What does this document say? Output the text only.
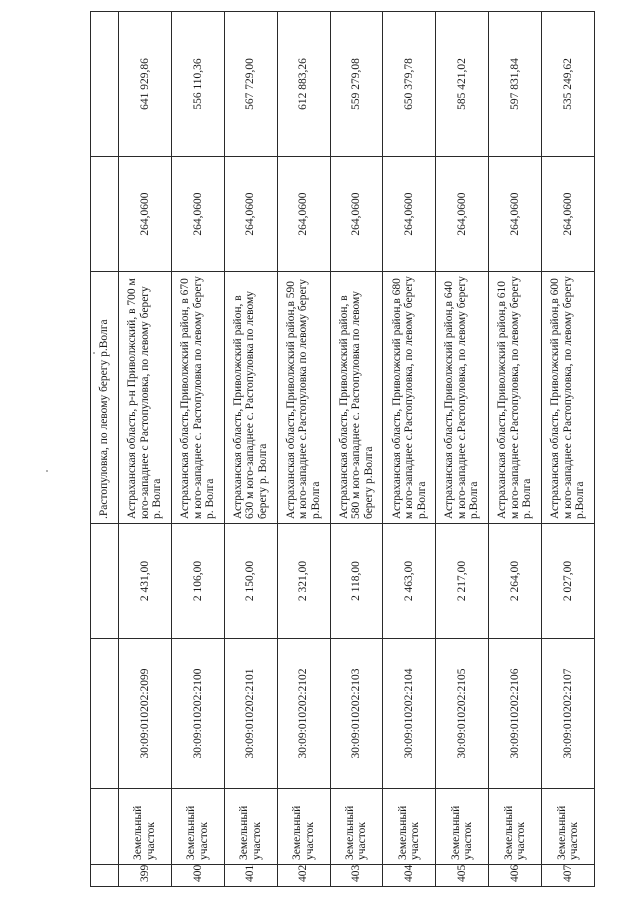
				.Растопуловка, по левому берегу р.Волга		
399	Земельный участок	30:09:010202:2099	2 431,00	Астраханская область, р-н Приволжский, в 700 м юго-западнее с Растопуловка, по левому берегу р. Волга	264,0600	641 929,86
400	Земельный участок	30:09:010202:2100	2 106,00	Астраханская область,Приволжский район, в 670 м юго-западнее с. Растопуловка по левому берегу р. Волга	264,0600	556 110,36
401	Земельный участок	30:09:010202:2101	2 150,00	Астраханская область, Приволжский район, в 630 м юго-западнее с. Растопуловка по левому берегу р. Волга	264,0600	567 729,00
402	Земельный участок	30:09:010202:2102	2 321,00	Астраханская область,Приволжский район,в 590 м юго-западнее с.Растопуловка по левому берегу р.Волга	264,0600	612 883,26
403	Земельный участок	30:09:010202:2103	2 118,00	Астраханская область, Приволжский район, в 580 м юго-западнее с. Растопуловка по левому берегу р.Волга	264,0600	559 279,08
404	Земельный участок	30:09:010202:2104	2 463,00	Астраханская область, Приволжский район,в 680 м юго-западнее с.Растопуловка, по левому берегу р.Волга	264,0600	650 379,78
405	Земельный участок	30:09:010202:2105	2 217,00	Астраханская область,Приволжский район,в 640 м юго-западнее с.Растопуловка, по левому берегу р.Волга	264,0600	585 421,02
406	Земельный участок	30:09:010202:2106	2 264,00	Астраханская область,Приволжский район,в 610 м юго-западнее с.Растопуловка, по левому берегу р. Волга	264,0600	597 831,84
407	Земельный участок	30:09:010202:2107	2 027,00	Астраханская область, Приволжский район,в 600 м юго-западнее с.Растопуловка, по левому берегу р.Волга	264,0600	535 249,62
